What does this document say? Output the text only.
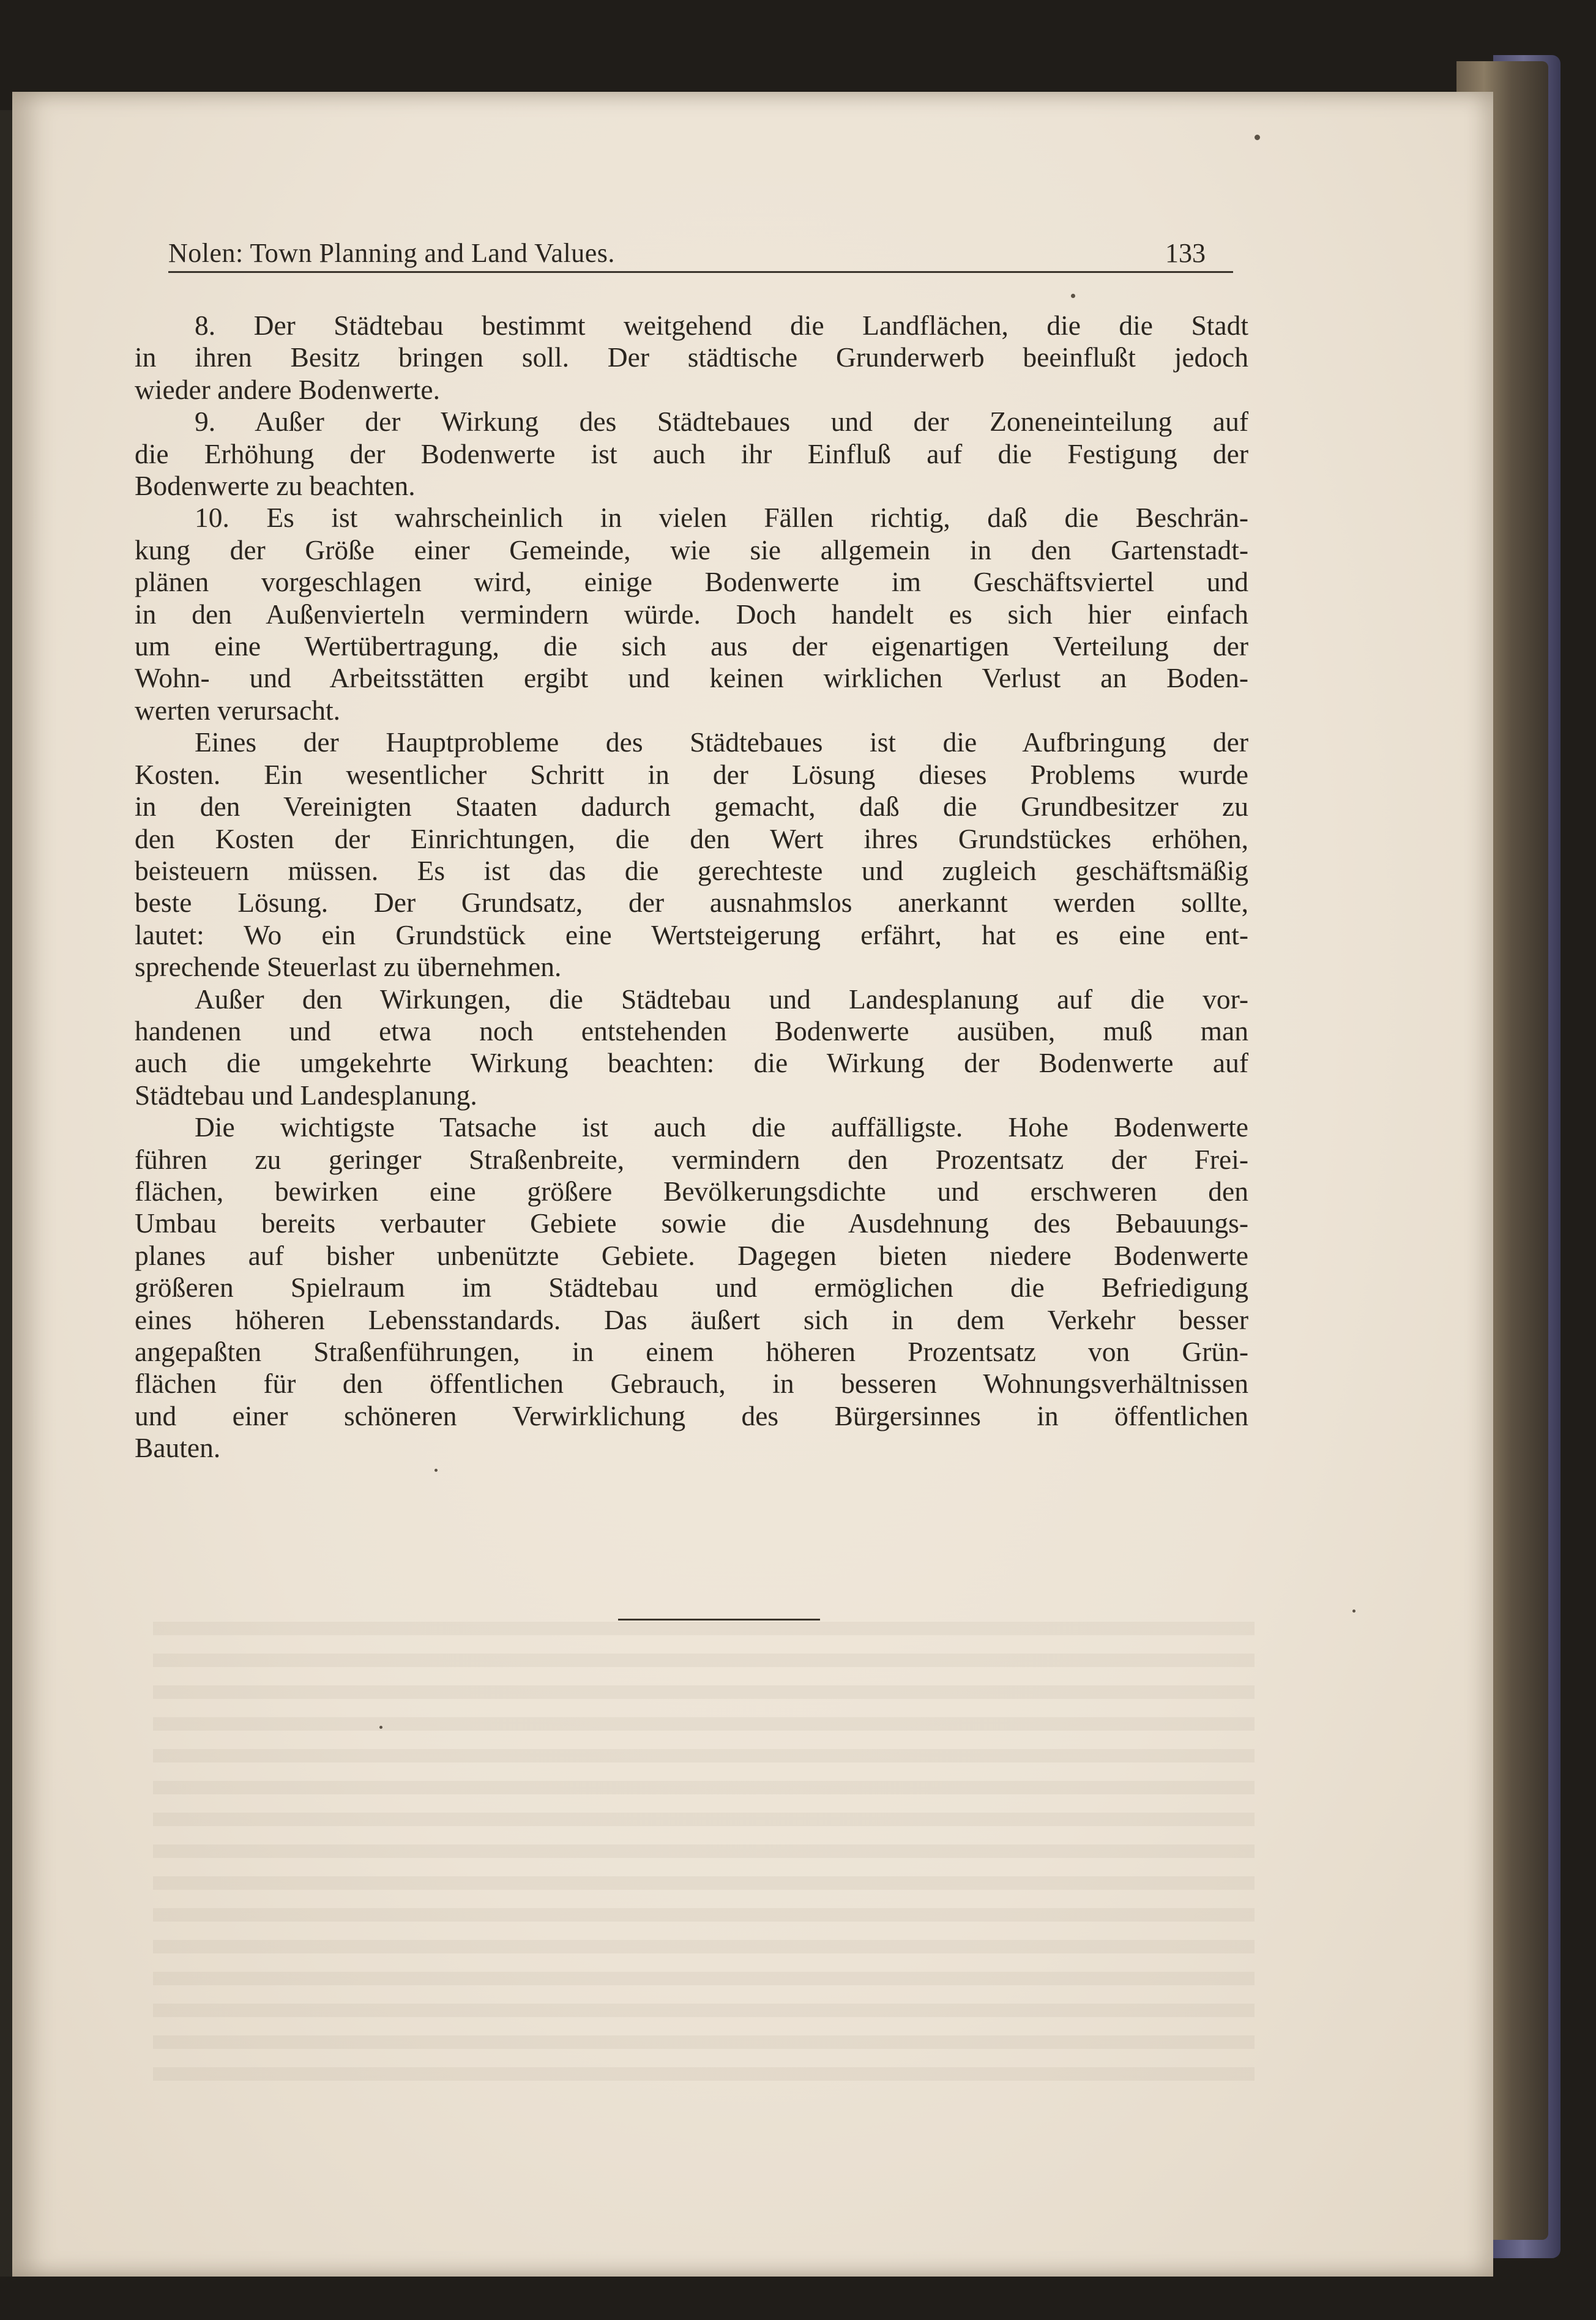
Nolen: Town Planning and Land Values.	133

8. Der Städtebau bestimmt weitgehend die Landflächen, die die Stadt
in ihren Besitz bringen soll. Der städtische Grunderwerb beeinflußt jedoch
wieder andere Bodenwerte.

9. Außer der Wirkung des Städtebaues und der Zoneneinteilung auf
die Erhöhung der Bodenwerte ist auch ihr Einfluß auf die Festigung der
Bodenwerte zu beachten.

10. Es ist wahrscheinlich in vielen Fällen richtig, daß die Beschrän-
kung der Größe einer Gemeinde, wie sie allgemein in den Gartenstadt-
plänen vorgeschlagen wird, einige Bodenwerte im Geschäftsviertel und
in den Außenvierteln vermindern würde. Doch handelt es sich hier einfach
um eine Wertübertragung, die sich aus der eigenartigen Verteilung der
Wohn- und Arbeitsstätten ergibt und keinen wirklichen Verlust an Boden-
werten verursacht.

Eines der Hauptprobleme des Städtebaues ist die Aufbringung der
Kosten. Ein wesentlicher Schritt in der Lösung dieses Problems wurde
in den Vereinigten Staaten dadurch gemacht, daß die Grundbesitzer zu
den Kosten der Einrichtungen, die den Wert ihres Grundstückes erhöhen,
beisteuern müssen. Es ist das die gerechteste und zugleich geschäftsmäßig
beste Lösung. Der Grundsatz, der ausnahmslos anerkannt werden sollte,
lautet: Wo ein Grundstück eine Wertsteigerung erfährt, hat es eine ent-
sprechende Steuerlast zu übernehmen.

Außer den Wirkungen, die Städtebau und Landesplanung auf die vor-
handenen und etwa noch entstehenden Bodenwerte ausüben, muß man
auch die umgekehrte Wirkung beachten: die Wirkung der Bodenwerte auf
Städtebau und Landesplanung.

Die wichtigste Tatsache ist auch die auffälligste. Hohe Bodenwerte
führen zu geringer Straßenbreite, vermindern den Prozentsatz der Frei-
flächen, bewirken eine größere Bevölkerungsdichte und erschweren den
Umbau bereits verbauter Gebiete sowie die Ausdehnung des Bebauungs-
planes auf bisher unbenützte Gebiete. Dagegen bieten niedere Bodenwerte
größeren Spielraum im Städtebau und ermöglichen die Befriedigung
eines höheren Lebensstandards. Das äußert sich in dem Verkehr besser
angepaßten Straßenführungen, in einem höheren Prozentsatz von Grün-
flächen für den öffentlichen Gebrauch, in besseren Wohnungsverhältnissen
und einer schöneren Verwirklichung des Bürgersinnes in öffentlichen
Bauten.
